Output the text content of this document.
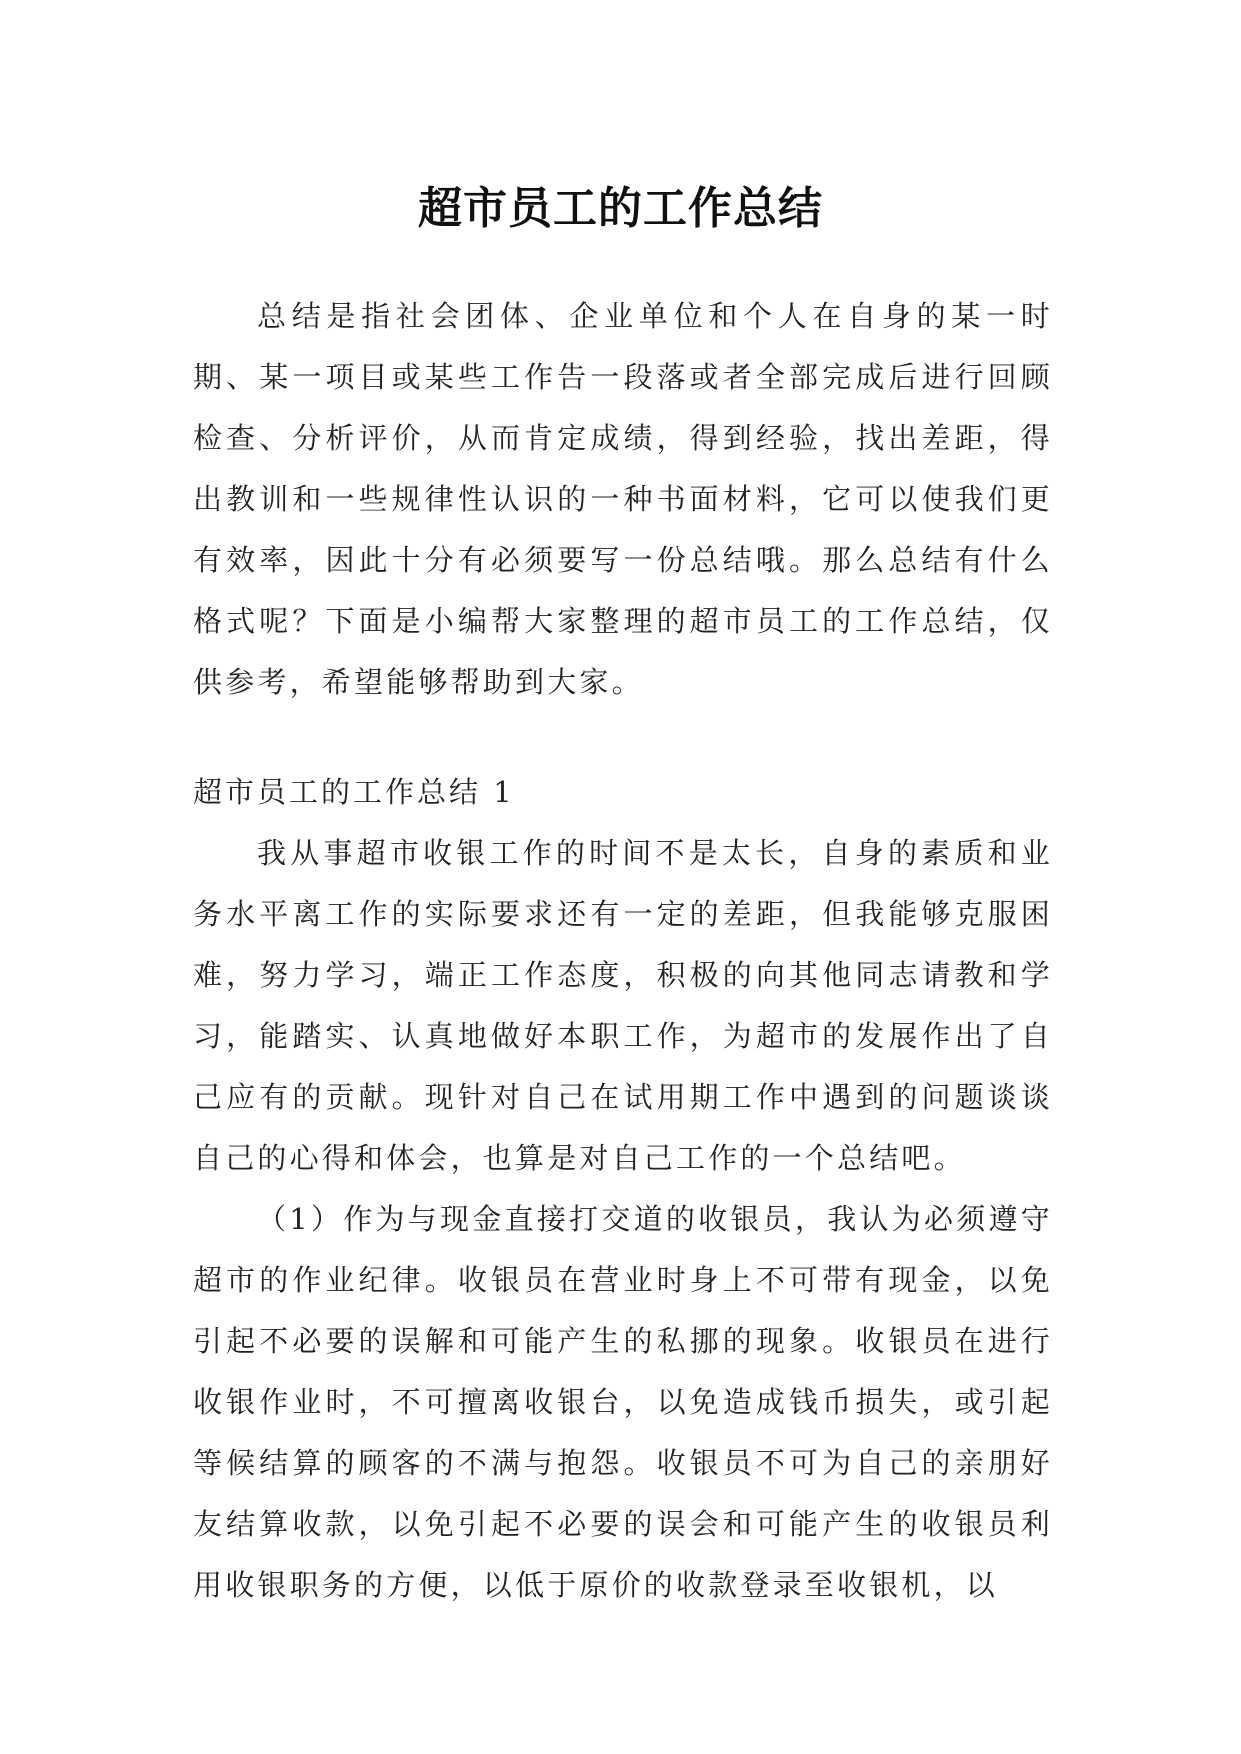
超市员工的工作总结

总结是指社会团体、企业单位和个人在自身的某一时期、某一项目或某些工作告一段落或者全部完成后进行回顾检查、分析评价，从而肯定成绩，得到经验，找出差距，得出教训和一些规律性认识的一种书面材料，它可以使我们更有效率，因此十分有必须要写一份总结哦。那么总结有什么格式呢？下面是小编帮大家整理的超市员工的工作总结，仅供参考，希望能够帮助到大家。

超市员工的工作总结 1

我从事超市收银工作的时间不是太长，自身的素质和业务水平离工作的实际要求还有一定的差距，但我能够克服困难，努力学习，端正工作态度，积极的向其他同志请教和学习，能踏实、认真地做好本职工作，为超市的发展作出了自己应有的贡献。现针对自己在试用期工作中遇到的问题谈谈自己的心得和体会，也算是对自己工作的一个总结吧。

（1）作为与现金直接打交道的收银员，我认为必须遵守超市的作业纪律。收银员在营业时身上不可带有现金，以免引起不必要的误解和可能产生的私挪的现象。收银员在进行收银作业时，不可擅离收银台，以免造成钱币损失，或引起等候结算的顾客的不满与抱怨。收银员不可为自己的亲朋好友结算收款，以免引起不必要的误会和可能产生的收银员利用收银职务的方便，以低于原价的收款登录至收银机，以
